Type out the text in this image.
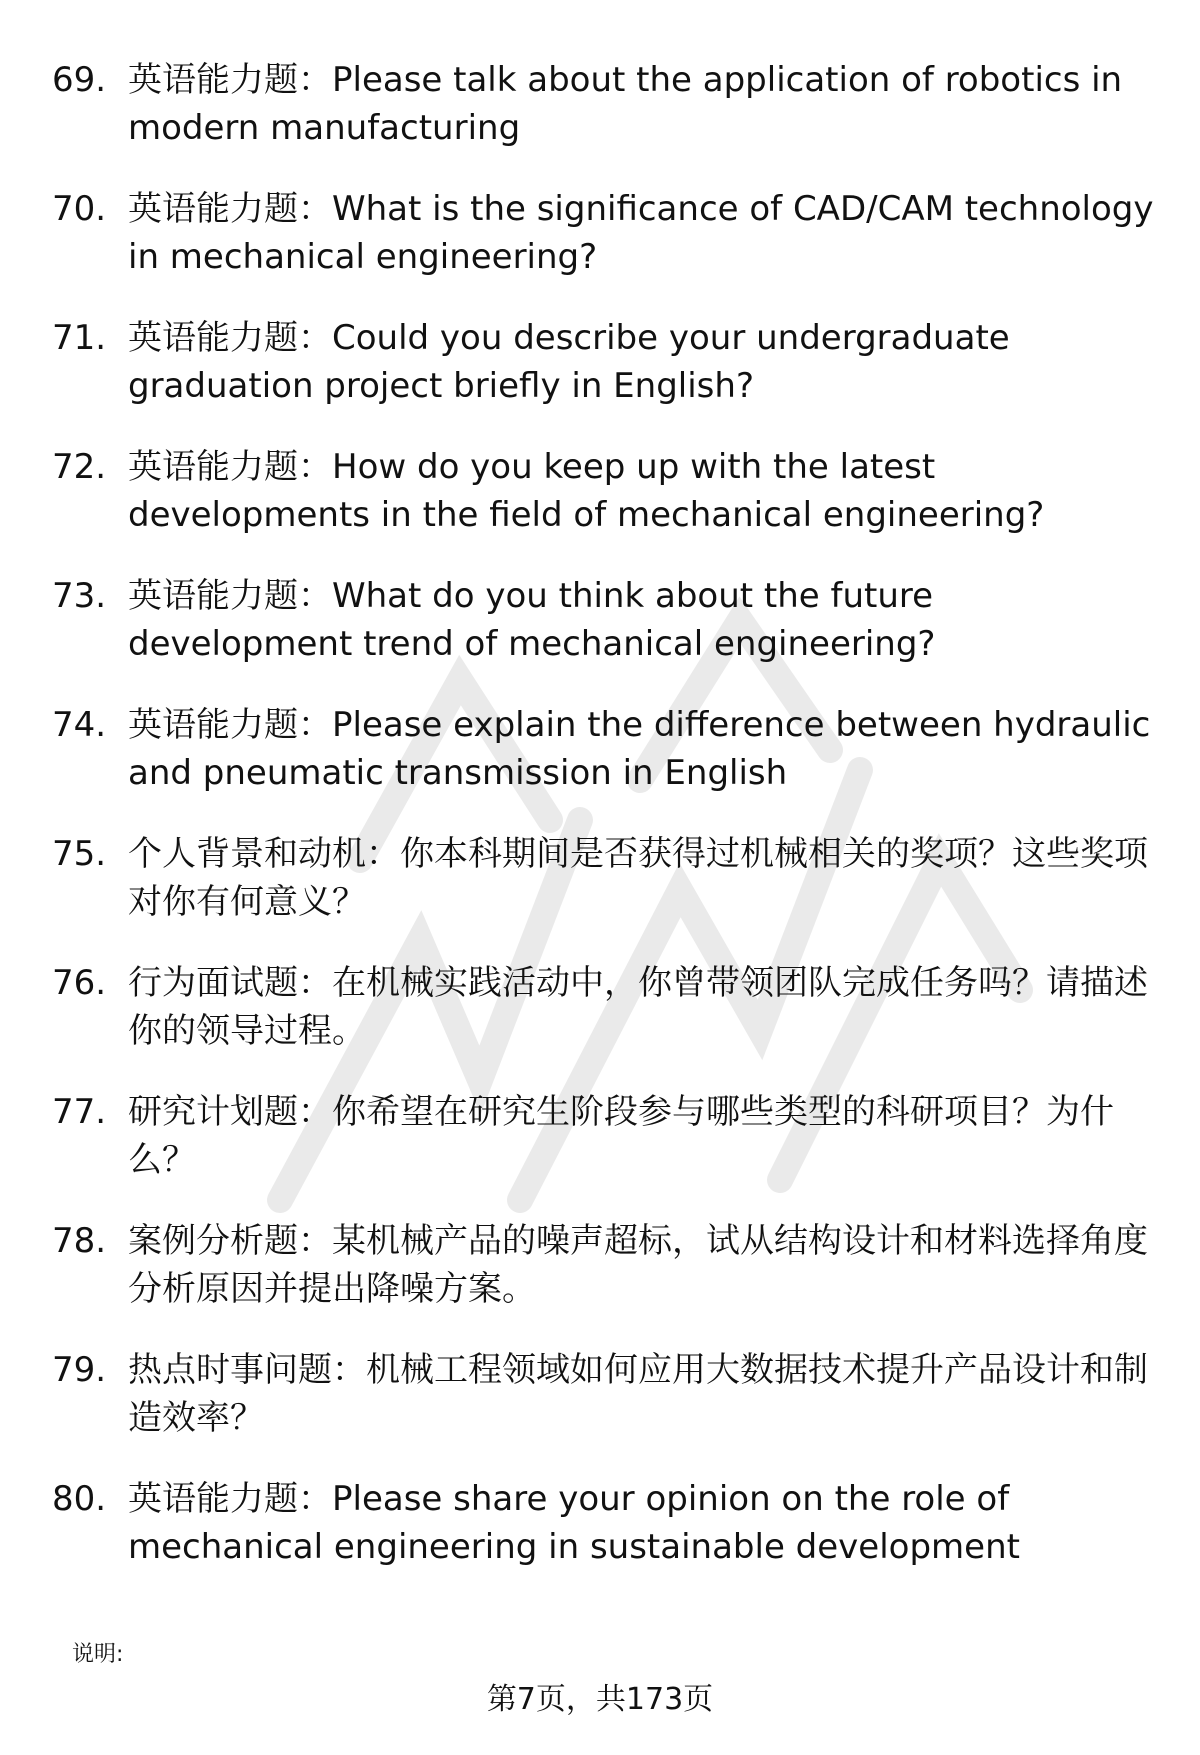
69. 英语能力题：Please talk about the application of robotics in modern manufacturing
70. 英语能力题：What is the significance of CAD/CAM technology in mechanical engineering?
71. 英语能力题：Could you describe your undergraduate graduation project briefly in English?
72. 英语能力题：How do you keep up with the latest developments in the field of mechanical engineering?
73. 英语能力题：What do you think about the future development trend of mechanical engineering?
74. 英语能力题：Please explain the difference between hydraulic and pneumatic transmission in English
75. 个人背景和动机：你本科期间是否获得过机械相关的奖项？这些奖项对你有何意义？
76. 行为面试题：在机械实践活动中，你曾带领团队完成任务吗？请描述你的领导过程。
77. 研究计划题：你希望在研究生阶段参与哪些类型的科研项目？为什么？
78. 案例分析题：某机械产品的噪声超标，试从结构设计和材料选择角度分析原因并提出降噪方案。
79. 热点时事问题：机械工程领域如何应用大数据技术提升产品设计和制造效率？
80. 英语能力题：Please share your opinion on the role of mechanical engineering in sustainable development
说明:
第7页，共173页
